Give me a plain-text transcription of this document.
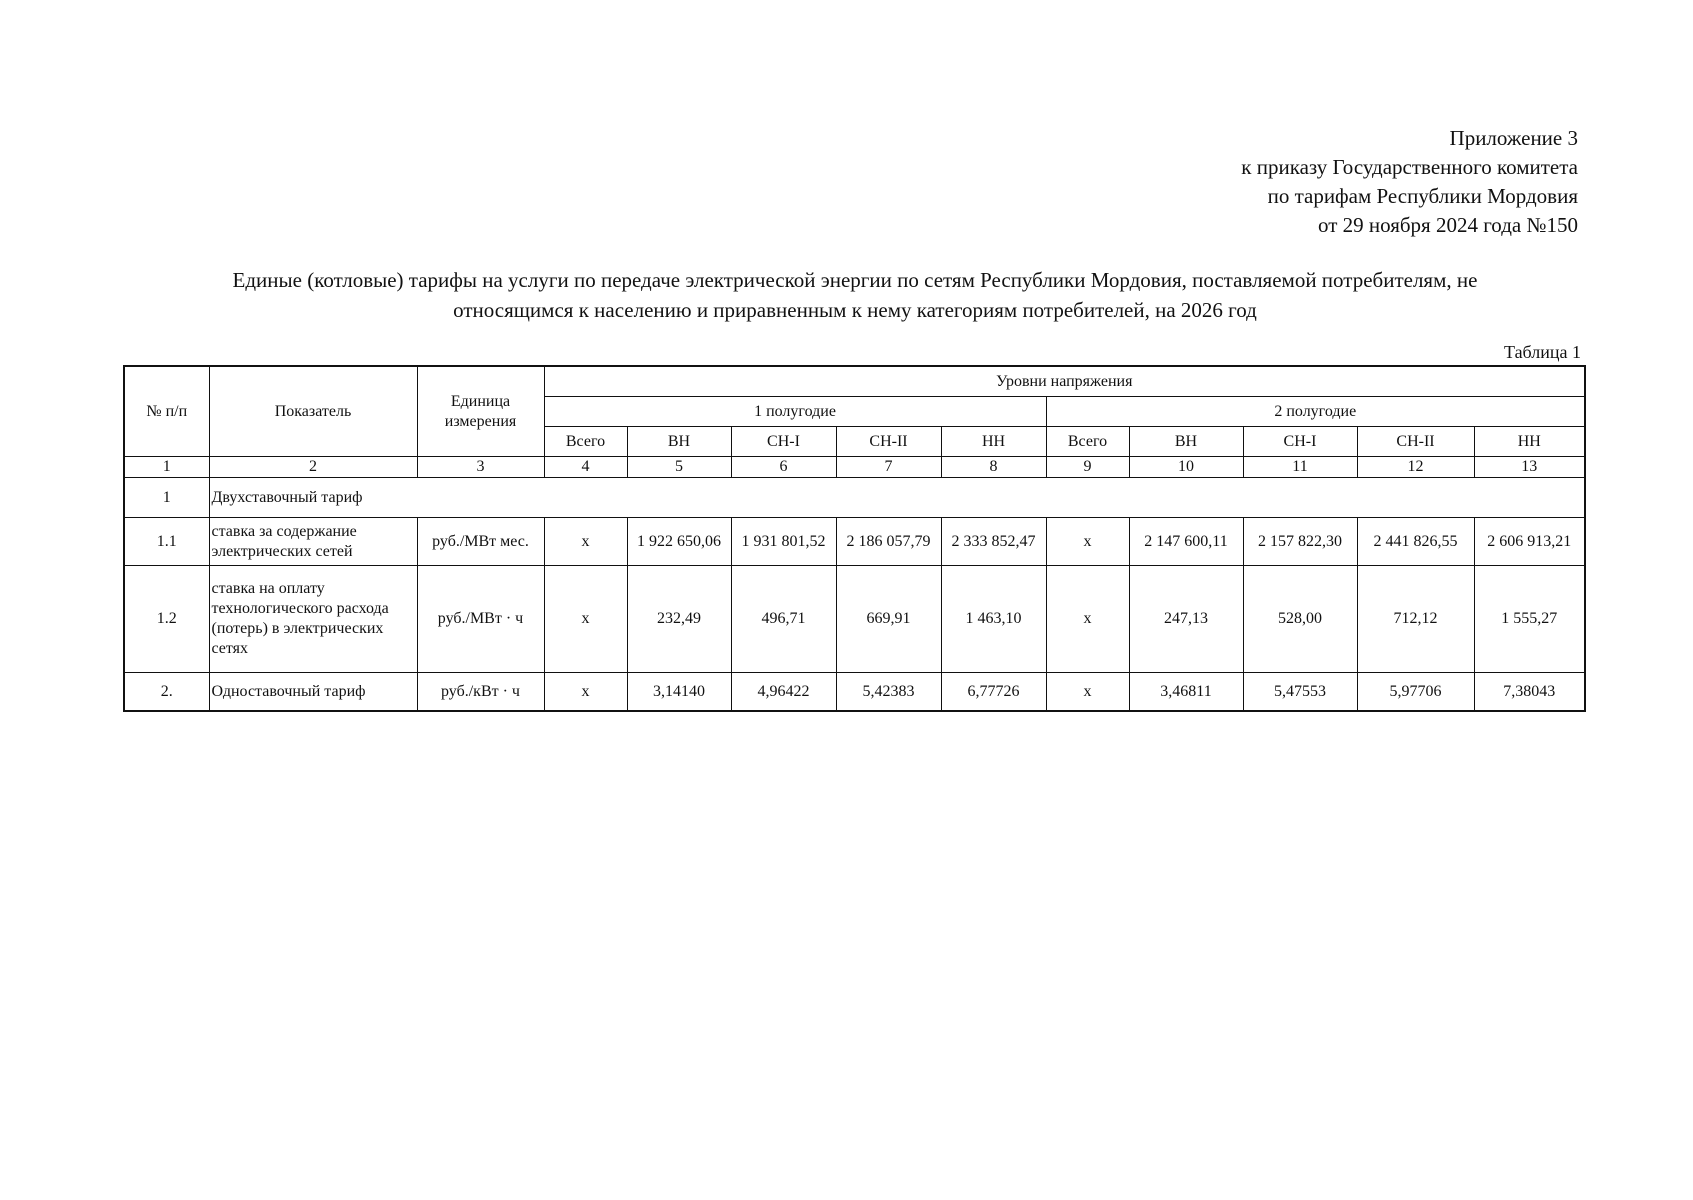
Приложение 3
к приказу Государственного комитета
по тарифам Республики Мордовия
от 29 ноября 2024 года №150
Единые (котловые) тарифы на услуги по передаче электрической энергии по сетям Республики Мордовия, поставляемой потребителям, не
относящимся к населению и приравненным к нему категориям потребителей, на 2026 год
Таблица 1
№ п/п	Показатель	Единица измерения	Уровни напряжения									
			1 полугодие					2 полугодие				
			Всего	ВН	СН-I	СН-II	НН	Всего	ВН	СН-I	СН-II	НН
1	2	3	4	5	6	7	8	9	10	11	12	13
1	Двухставочный тариф											
1.1	ставка за содержание электрических сетей	руб./МВт мес.	x	1 922 650,06	1 931 801,52	2 186 057,79	2 333 852,47	x	2 147 600,11	2 157 822,30	2 441 826,55	2 606 913,21
1.2	ставка на оплату технологического расхода (потерь) в электрических сетях	руб./МВт · ч	x	232,49	496,71	669,91	1 463,10	x	247,13	528,00	712,12	1 555,27
2.	Одноставочный тариф	руб./кВт · ч	x	3,14140	4,96422	5,42383	6,77726	x	3,46811	5,47553	5,97706	7,38043
